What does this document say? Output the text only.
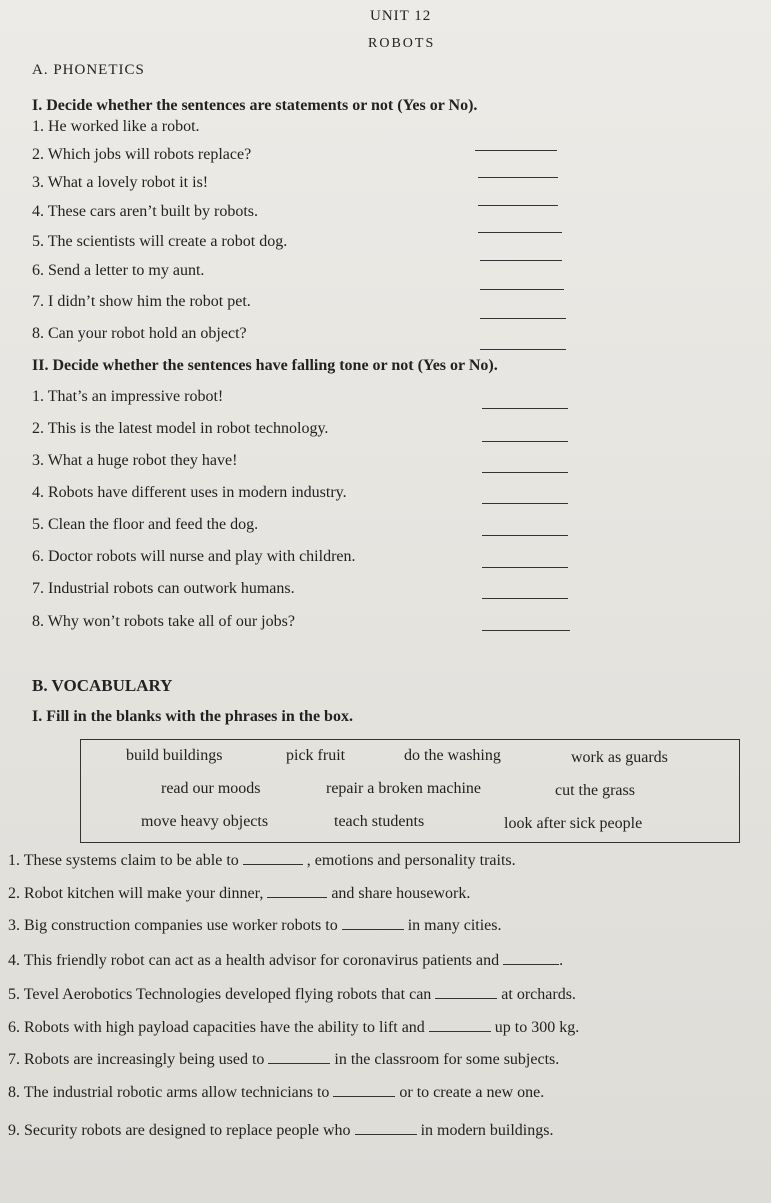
UNIT 12
ROBOTS
A. PHONETICS
I. Decide whether the sentences are statements or not (Yes or No).
1. He worked like a robot.
2. Which jobs will robots replace?
3. What a lovely robot it is!
4. These cars aren’t built by robots.
5. The scientists will create a robot dog.
6. Send a letter to my aunt.
7. I didn’t show him the robot pet.
8. Can your robot hold an object?
II. Decide whether the sentences have falling tone or not (Yes or No).
1. That’s an impressive robot!
2. This is the latest model in robot technology.
3. What a huge robot they have!
4. Robots have different uses in modern industry.
5. Clean the floor and feed the dog.
6. Doctor robots will nurse and play with children.
7. Industrial robots can outwork humans.
8. Why won’t robots take all of our jobs?
B. VOCABULARY
I. Fill in the blanks with the phrases in the box.
build buildings	pick fruit	do the washing	work as guards
read our moods	repair a broken machine	cut the grass
move heavy objects	teach students	look after sick people
1. These systems claim to be able to	, emotions and personality traits.
2. Robot kitchen will make your dinner,	and share housework.
3. Big construction companies use worker robots to	in many cities.
4. This friendly robot can act as a health advisor for coronavirus patients and	.
5. Tevel Aerobotics Technologies developed flying robots that can	at orchards.
6. Robots with high payload capacities have the ability to lift and	up to 300 kg.
7. Robots are increasingly being used to	in the classroom for some subjects.
8. The industrial robotic arms allow technicians to	or to create a new one.
9. Security robots are designed to replace people who	in modern buildings.
